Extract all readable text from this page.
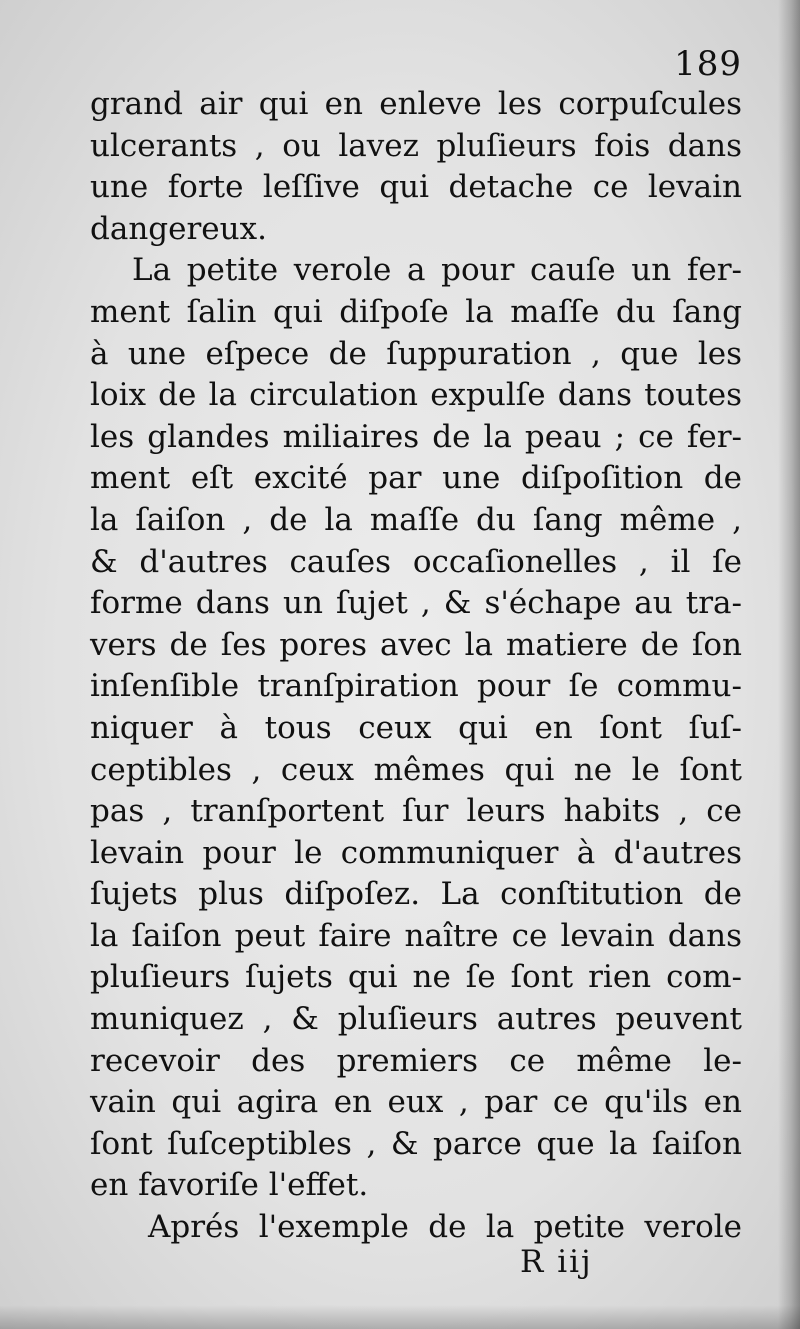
189
grand air qui en enleve les corpuſcules
ulcerants , ou lavez pluſieurs fois dans
une forte leſſive qui detache ce levain
dangereux.
La petite verole a pour cauſe un fer-
ment ſalin qui diſpoſe la maſſe du ſang
à une eſpece de ſuppuration , que les
loix de la circulation expulſe dans toutes
les glandes miliaires de la peau ; ce fer-
ment eſt excité par une diſpoſition de
la ſaiſon , de la maſſe du ſang même ,
& d'autres cauſes occaſionelles , il ſe
forme dans un ſujet , & s'échape au tra-
vers de ſes pores avec la matiere de ſon
inſenſible tranſpiration pour ſe commu-
niquer à tous ceux qui en ſont ſuſ-
ceptibles , ceux mêmes qui ne le ſont
pas , tranſportent ſur leurs habits , ce
levain pour le communiquer à d'autres
ſujets plus diſpoſez. La conſtitution de
la ſaiſon peut faire naître ce levain dans
pluſieurs ſujets qui ne ſe ſont rien com-
muniquez , & pluſieurs autres peuvent
recevoir des premiers ce même le-
vain qui agira en eux , par ce qu'ils en
ſont ſuſceptibles , & parce que la ſaiſon
en favoriſe l'effet.
Aprés l'exemple de la petite verole
R iij
